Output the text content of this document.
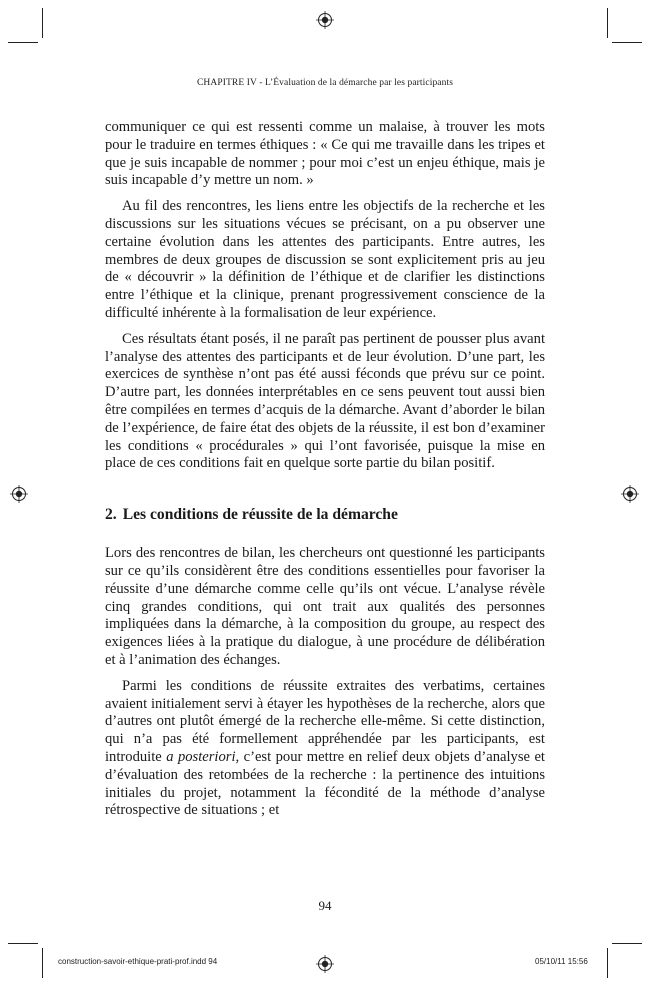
CHAPITRE IV - L’Évaluation de la démarche par les participants

communiquer ce qui est ressenti comme un malaise, à trouver les mots pour le traduire en termes éthiques : « Ce qui me travaille dans les tripes et que je suis incapable de nommer ; pour moi c’est un enjeu éthique, mais je suis incapable d’y mettre un nom. »

Au fil des rencontres, les liens entre les objectifs de la recherche et les discussions sur les situations vécues se précisant, on a pu observer une certaine évolution dans les attentes des participants. Entre autres, les membres de deux groupes de discussion se sont explicitement pris au jeu de « découvrir » la définition de l’éthique et de clarifier les distinctions entre l’éthique et la clinique, prenant progressivement conscience de la difficulté inhérente à la formalisation de leur expérience.

Ces résultats étant posés, il ne paraît pas pertinent de pousser plus avant l’analyse des attentes des participants et de leur évolution. D’une part, les exercices de synthèse n’ont pas été aussi féconds que prévu sur ce point. D’autre part, les données interprétables en ce sens peuvent tout aussi bien être compilées en termes d’acquis de la démarche. Avant d’aborder le bilan de l’expérience, de faire état des objets de la réussite, il est bon d’examiner les conditions « procédurales » qui l’ont favorisée, puisque la mise en place de ces conditions fait en quelque sorte partie du bilan positif.

2. Les conditions de réussite de la démarche

Lors des rencontres de bilan, les chercheurs ont questionné les participants sur ce qu’ils considèrent être des conditions essentielles pour favoriser la réussite d’une démarche comme celle qu’ils ont vécue. L’analyse révèle cinq grandes conditions, qui ont trait aux qualités des personnes impliquées dans la démarche, à la composition du groupe, au respect des exigences liées à la pratique du dialogue, à une procédure de délibération et à l’animation des échanges.

Parmi les conditions de réussite extraites des verbatims, certaines avaient initialement servi à étayer les hypothèses de la recherche, alors que d’autres ont plutôt émergé de la recherche elle-même. Si cette distinction, qui n’a pas été formellement appréhendée par les participants, est introduite a posteriori, c’est pour mettre en relief deux objets d’analyse et d’évaluation des retombées de la recherche : la pertinence des intuitions initiales du projet, notamment la fécondité de la méthode d’analyse rétrospective de situations ; et

94
construction-savoir-ethique-prati-prof.indd 94	05/10/11 15:56
